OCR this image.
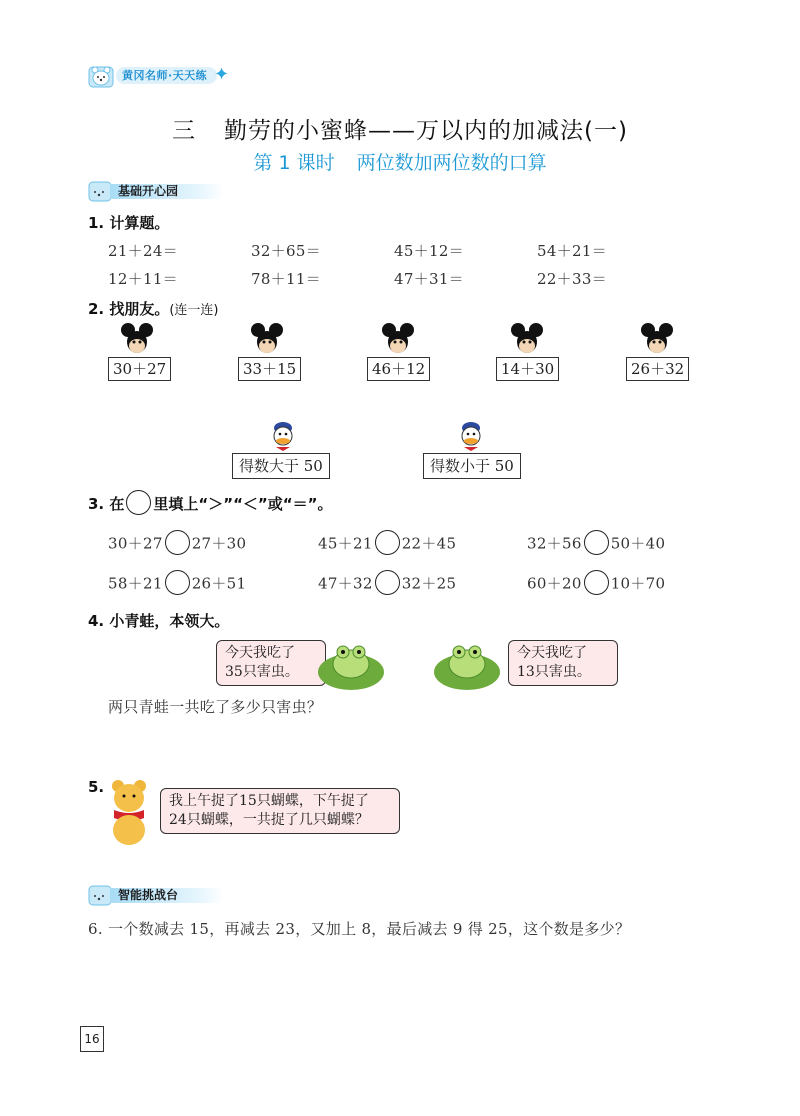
黄冈名师·天天练 ✦
三 勤劳的小蜜蜂——万以内的加减法(一)
第 1 课时 两位数加两位数的口算
基础开心园
1. 计算题。
21＋24＝	32＋65＝	45＋12＝	54＋21＝
12＋11＝	78＋11＝	47＋31＝	22＋33＝
2. 找朋友。(连一连)
30＋27	33＋15	46＋12	14＋30	26＋32
得数大于 50	得数小于 50
3. 在 里填上“＞”“＜”或“＝”。
30＋27 27＋30	45＋21 22＋45	32＋56 50＋40
58＋21 26＋51	47＋32 32＋25	60＋20 10＋70
4. 小青蛙，本领大。
今天我吃了
35只害虫。
今天我吃了
13只害虫。
两只青蛙一共吃了多少只害虫？
5.
我上午捉了15只蝴蝶，下午捉了
24只蝴蝶，一共捉了几只蝴蝶？
智能挑战台
6. 一个数减去 15，再减去 23，又加上 8，最后减去 9 得 25，这个数是多少？
16
